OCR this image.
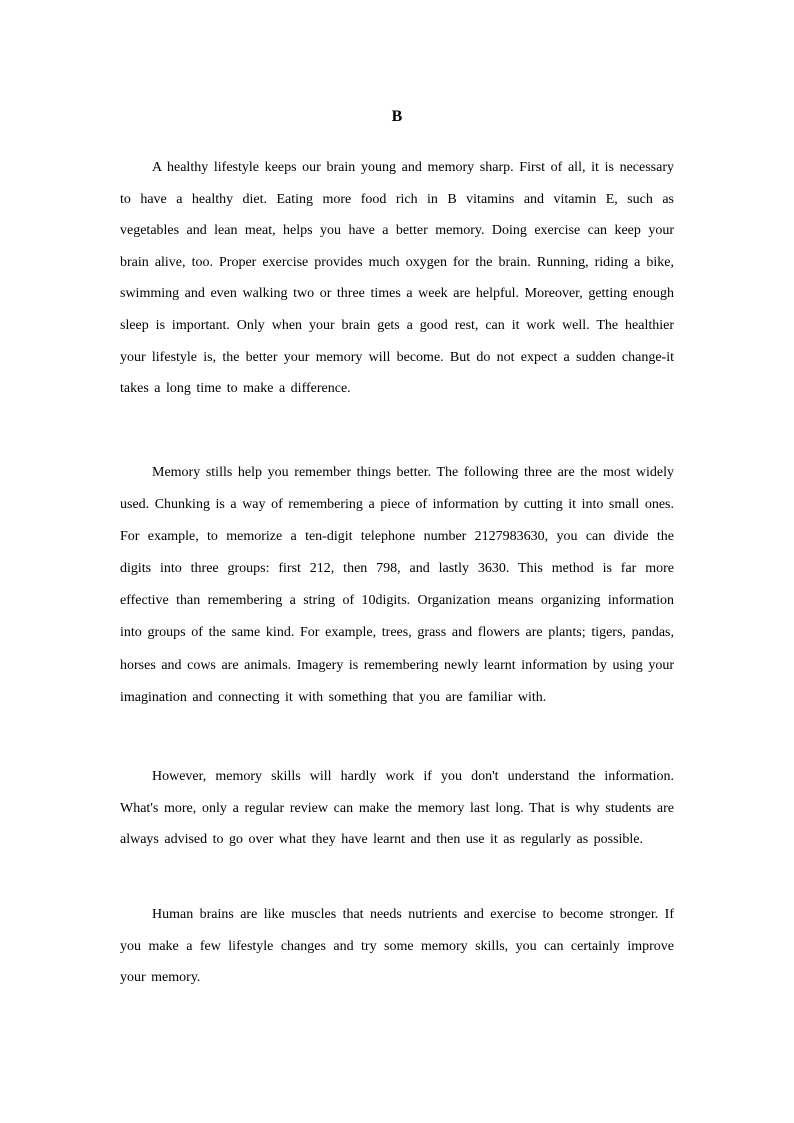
B

A healthy lifestyle keeps our brain young and memory sharp. First of all, it is necessary to have a healthy diet. Eating more food rich in B vitamins and vitamin E, such as vegetables and lean meat, helps you have a better memory. Doing exercise can keep your brain alive, too. Proper exercise provides much oxygen for the brain. Running, riding a bike, swimming and even walking two or three times a week are helpful. Moreover, getting enough sleep is important. Only when your brain gets a good rest, can it work well. The healthier your lifestyle is, the better your memory will become. But do not expect a sudden change-it takes a long time to make a difference.

Memory stills help you remember things better. The following three are the most widely used. Chunking is a way of remembering a piece of information by cutting it into small ones. For example, to memorize a ten-digit telephone number 2127983630, you can divide the digits into three groups: first 212, then 798, and lastly 3630. This method is far more effective than remembering a string of 10digits. Organization means organizing information into groups of the same kind. For example, trees, grass and flowers are plants; tigers, pandas, horses and cows are animals. Imagery is remembering newly learnt information by using your imagination and connecting it with something that you are familiar with.

However, memory skills will hardly work if you don't understand the information. What's more, only a regular review can make the memory last long. That is why students are always advised to go over what they have learnt and then use it as regularly as possible.

Human brains are like muscles that needs nutrients and exercise to become stronger. If you make a few lifestyle changes and try some memory skills, you can certainly improve your memory.
